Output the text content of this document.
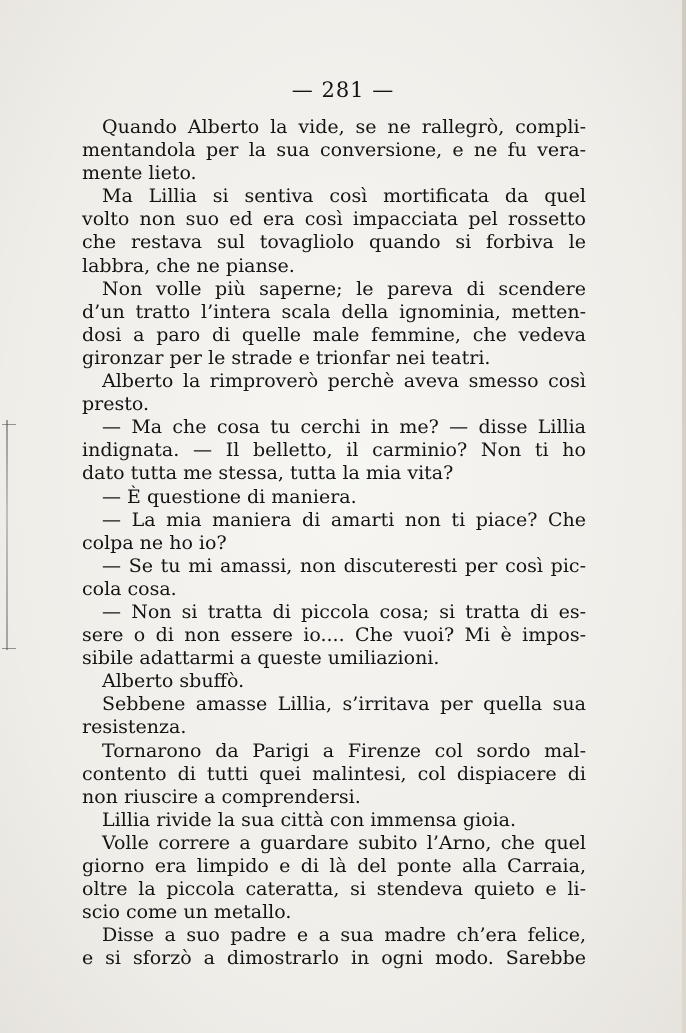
— 281 —
Quando Alberto la vide, se ne rallegrò, compli-
mentandola per la sua conversione, e ne fu vera-
mente lieto.
Ma Lillia si sentiva così mortificata da quel
volto non suo ed era così impacciata pel rossetto
che restava sul tovagliolo quando si forbiva le
labbra, che ne pianse.
Non volle più saperne; le pareva di scendere
d’un tratto l’intera scala della ignominia, metten-
dosi a paro di quelle male femmine, che vedeva
gironzar per le strade e trionfar nei teatri.
Alberto la rimproverò perchè aveva smesso così
presto.
— Ma che cosa tu cerchi in me? — disse Lillia
indignata. — Il belletto, il carminio? Non ti ho
dato tutta me stessa, tutta la mia vita?
— È questione di maniera.
— La mia maniera di amarti non ti piace? Che
colpa ne ho io?
— Se tu mi amassi, non discuteresti per così pic-
cola cosa.
— Non si tratta di piccola cosa; si tratta di es-
sere o di non essere io.... Che vuoi? Mi è impos-
sibile adattarmi a queste umiliazioni.
Alberto sbuffò.
Sebbene amasse Lillia, s’irritava per quella sua
resistenza.
Tornarono da Parigi a Firenze col sordo mal-
contento di tutti quei malintesi, col dispiacere di
non riuscire a comprendersi.
Lillia rivide la sua città con immensa gioia.
Volle correre a guardare subito l’Arno, che quel
giorno era limpido e di là del ponte alla Carraia,
oltre la piccola cateratta, si stendeva quieto e li-
scio come un metallo.
Disse a suo padre e a sua madre ch’era felice,
e si sforzò a dimostrarlo in ogni modo. Sarebbe
